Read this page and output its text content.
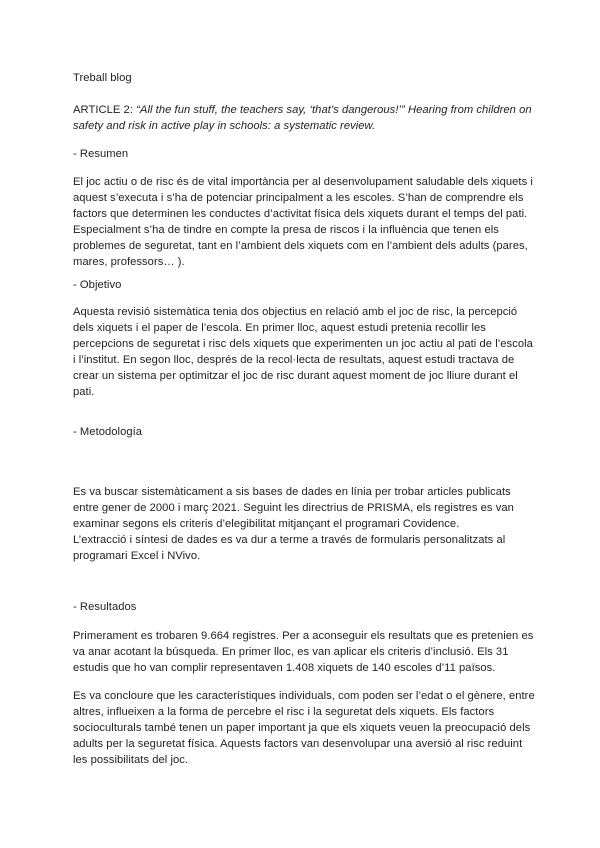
Treball blog
ARTICLE 2: “All the fun stuff, the teachers say, ‘that’s dangerous!’” Hearing from children on
safety and risk in active play in schools: a systematic review.
- Resumen
El joc actiu o de risc és de vital importància per al desenvolupament saludable dels xiquets i
aquest s’executa i s’ha de potenciar principalment a les escoles. S’han de comprendre els
factors que determinen les conductes d’activitat física dels xiquets durant el temps del pati.
Especialment s’ha de tindre en compte la presa de riscos i la influència que tenen els
problemes de seguretat, tant en l’ambient dels xiquets com en l’ambient dels adults (pares,
mares, professors… ).
- Objetivo
Aquesta revisió sistemàtica tenia dos objectius en relació amb el joc de risc, la percepció
dels xiquets i el paper de l’escola. En primer lloc, aquest estudi pretenia recollir les
percepcions de seguretat i risc dels xiquets que experimenten un joc actiu al pati de l’escola
i l’institut. En segon lloc, després de la recol·lecta de resultats, aquest estudi tractava de
crear un sistema per optimitzar el joc de risc durant aquest moment de joc lliure durant el
pati.
- Metodología
Es va buscar sistemàticament a sis bases de dades en línia per trobar articles publicats
entre gener de 2000 i març 2021. Seguint les directrius de PRISMA, els registres es van
examinar segons els criteris d’elegibilitat mitjançant el programari Covidence.
L’extracció i síntesi de dades es va dur a terme a través de formularis personalitzats al
programari Excel i NVivo.
- Resultados
Primerament es trobaren 9.664 registres. Per a aconseguir els resultats que es pretenien es
va anar acotant la búsqueda. En primer lloc, es van aplicar els criteris d’inclusió. Els 31
estudis que ho van complir representaven 1.408 xiquets de 140 escoles d’11 països.
Es va concloure que les característiques individuals, com poden ser l’edat o el gènere, entre
altres, influeixen a la forma de percebre el risc i la seguretat dels xiquets. Els factors
socioculturals també tenen un paper important ja que els xiquets veuen la preocupació dels
adults per la seguretat física. Aquests factors van desenvolupar una aversió al risc reduint
les possibilitats del joc.
